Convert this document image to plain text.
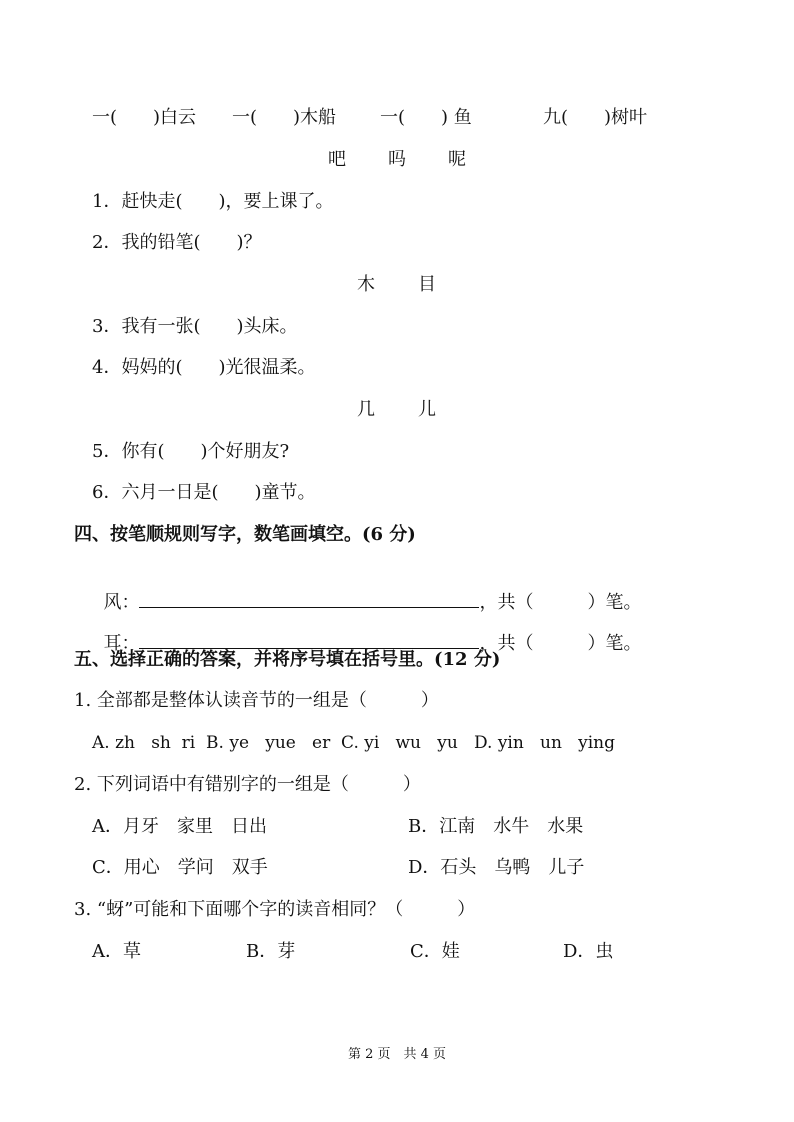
一(　　)白云 一(　　)木船 一(　　) 鱼	九(　　)树叶
吧 吗 呢
1．赶快走(　　)，要上课了。
2．我的铅笔(　　)？
木 目
3．我有一张(　　)头床。
4．妈妈的(　　)光很温柔。
几 儿
5．你有(　　)个好朋友?
6．六月一日是(　　)童节。
四、按笔顺规则写字，数笔画填空。(6 分)

风：	，共（　　　）笔。

耳：	，共（　　　）笔。

五、选择正确的答案，并将序号填在括号里。(12 分)
1. 全部都是整体认读音节的一组是（　　　）
A. zh   sh  ri  B. ye   yue   er  C. yi   wu   yu   D. yin   un   ying
2. 下列词语中有错别字的一组是（　　　）
A．月牙　家里　日出	B．江南　水牛　水果
C．用心　学问　双手	D．石头　乌鸭　儿子
3. “蚜”可能和下面哪个字的读音相同？（　　　）
A．草	B．芽	C．娃	D．虫
第 2 页　共 4 页
